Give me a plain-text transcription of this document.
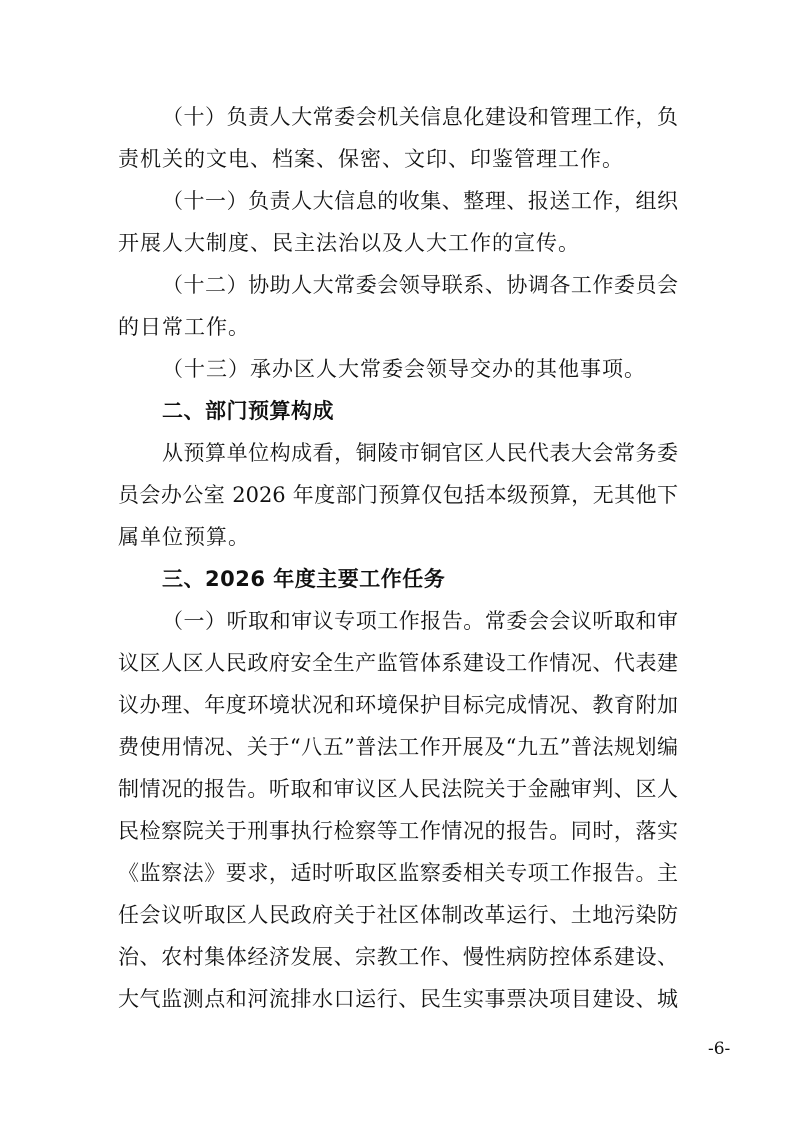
（十）负责人大常委会机关信息化建设和管理工作，负
责机关的文电、档案、保密、文印、印鉴管理工作。
（十一）负责人大信息的收集、整理、报送工作，组织
开展人大制度、民主法治以及人大工作的宣传。
（十二）协助人大常委会领导联系、协调各工作委员会
的日常工作。
（十三）承办区人大常委会领导交办的其他事项。
二、部门预算构成
从预算单位构成看，铜陵市铜官区人民代表大会常务委
员会办公室 2026 年度部门预算仅包括本级预算，无其他下
属单位预算。
三、2026 年度主要工作任务
（一）听取和审议专项工作报告。常委会会议听取和审
议区人区人民政府安全生产监管体系建设工作情况、代表建
议办理、年度环境状况和环境保护目标完成情况、教育附加
费使用情况、关于“八五”普法工作开展及“九五”普法规划编
制情况的报告。听取和审议区人民法院关于金融审判、区人
民检察院关于刑事执行检察等工作情况的报告。同时，落实
《监察法》要求，适时听取区监察委相关专项工作报告。主
任会议听取区人民政府关于社区体制改革运行、土地污染防
治、农村集体经济发展、宗教工作、慢性病防控体系建设、
大气监测点和河流排水口运行、民生实事票决项目建设、城
-6-
